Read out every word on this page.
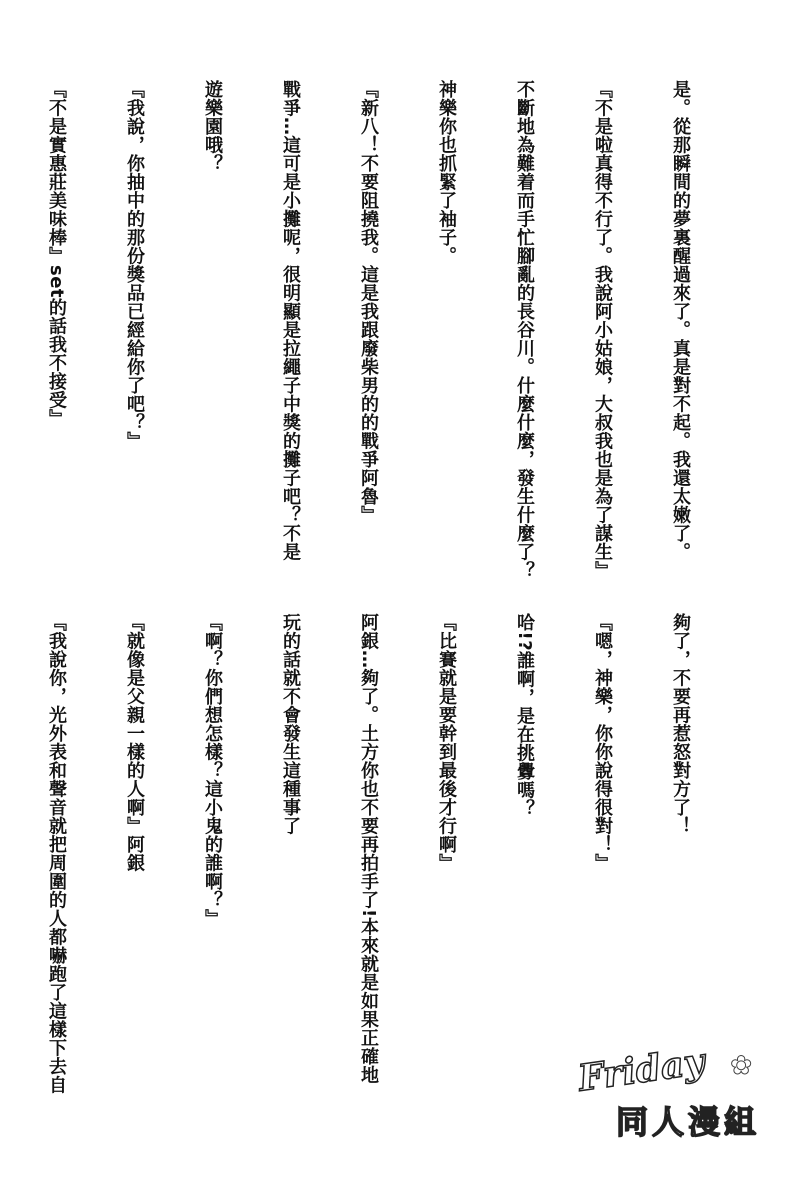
是。從那瞬間的夢裏醒過來了。真是對不起。我還太嫩了。

『不是啦真得不行了。我說阿小姑娘，大叔我也是為了謀生』

不斷地為難着而手忙腳亂的長谷川。什麼什麼，發生什麼了？

神樂你也抓緊了袖子。

『新八！不要阻撓我。這是我跟廢柴男的的戰爭阿魯』

戰爭…這可是小攤呢，很明顯是拉繩子中獎的攤子吧？不是

遊樂園哦？

『我說，你抽中的那份獎品已經給你了吧？』

『不是實惠莊美味棒』set的話我不接受』

夠了，不要再惹怒對方了！

『嗯，神樂，你你說得很對！』

哈!?誰啊，是在挑釁嗎？

『比賽就是要幹到最後才行啊』

阿銀…夠了。土方你也不要再拍手了!本來就是如果正確地

玩的話就不會發生這種事了

『啊？你們想怎樣？這小鬼的誰啊？』

『就像是父親一樣的人啊』阿銀

『我說你，光外表和聲音就把周圍的人都嚇跑了這樣下去自

	✿
Friday
同人漫組
